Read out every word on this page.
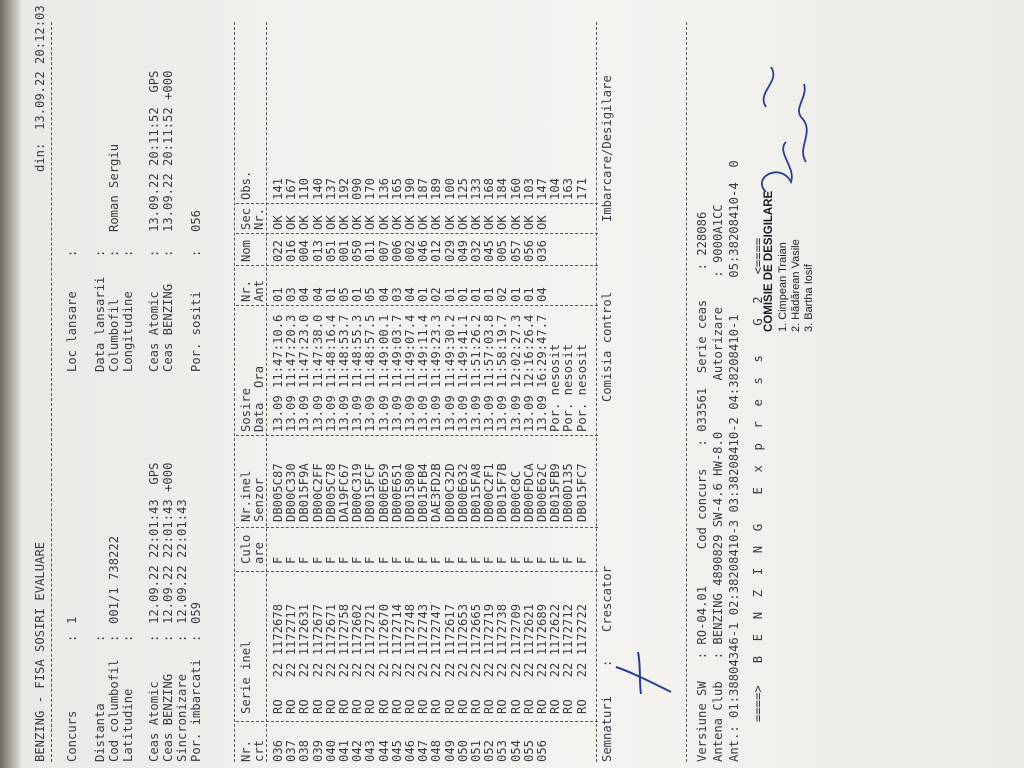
BENZING - FISA SOSIRI EVALUARE
din
:
13.09.22 20:12:03
Concurs
:
1
Distanta
:
Cod columbofil
:
001/1 738222
Latitudine
:
Ceas Atomic
:
12.09.22 22:01:43  GPS
Ceas BENZING
:
12.09.22 22:01:43 +000
Sincronizare
:
12.09.22 22:01:43
Por. imbarcati
:
059
Loc lansare
:
Data lansarii
:
Columbofil
:
Roman Sergiu
Longitudine
:
Ceas Atomic
:
13.09.22 20:11:52  GPS
Ceas BENZING
:
13.09.22 20:11:52 +000
Por. sositi
:
056
Nr. crt
Serie inel
Culo are
Nr.inel Senzor
Sosire Data  Ora
Nr. Ant
Nom
Sec Nr.
Obs.
036
RO   22 1172678
F
DB005C87
13.09 11:47:10.6
01
022
OK
141
037
RO   22 1172717
F
DB00C330
13.09 11:47:20.3
03
016
OK
167
038
RO   22 1172631
F
DB015F9A
13.09 11:47:23.0
04
004
OK
110
039
RO   22 1172677
F
DB00C2FF
13.09 11:47:38.0
04
013
OK
140
040
RO   22 1172671
F
DB005C78
13.09 11:48:16.4
01
051
OK
137
041
RO   22 1172758
F
DA19FC67
13.09 11:48:53.7
05
001
OK
192
042
RO   22 1172602
F
DB00C319
13.09 11:48:55.3
01
050
OK
090
043
RO   22 1172721
F
DB015FCF
13.09 11:48:57.5
05
011
OK
170
044
RO   22 1172670
F
DB00E659
13.09 11:49:00.1
04
007
OK
136
045
RO   22 1172714
F
DB00E651
13.09 11:49:03.7
03
006
OK
165
046
RO   22 1172748
F
DB015800
13.09 11:49:07.4
04
002
OK
190
047
RO   22 1172743
F
DB015FB4
13.09 11:49:11.4
01
046
OK
187
048
RO   22 1172747
F
DAE3FD2B
13.09 11:49:23.3
02
012
OK
189
049
RO   22 1172617
F
DB00C32D
13.09 11:49:30.2
01
029
OK
100
050
RO   22 1172653
F
DB00E632
13.09 11:49:41.1
01
049
OK
125
051
RO   22 1172665
F
DB015FA8
13.09 11:51:26.2
01
032
OK
133
052
RO   22 1172719
F
DB00C2F1
13.09 11:57:03.8
01
045
OK
168
053
RO   22 1172738
F
DB015F7B
13.09 11:58:19.7
02
005
OK
184
054
RO   22 1172709
F
DB00C8C
13.09 12:02:27.3
01
057
OK
160
055
RO   22 1172621
F
DB00FDCA
13.09 12:16:26.4
01
056
OK
103
056
RO   22 1172689
F
DB00E62C
13.09 16:29:47.7
04
036
OK
147
RO   22 1172622
F
DB015FB9
Por. nesosit
104
RO   22 1172712
F
DB00D135
Por. nesosit
163
RO   22 1172722
F
DB015FC7
Por. nesosit
171
Semnaturi
:
Crescator
Comisia control
Imbarcare/Desigilare
Versiune SW   : RO-04.01     Cod concurs   : 033561  Serie ceas    : 228086 Antena Club   : BENZING 4890829 SW-4.6 HW-8.0       Autorizare    : 9000A1CC Ant.: 01:38804346-1 02:38208410-3 03:38208410-2 04:38208410-1     05:38208410-4  0 ====>   B  E  N  Z  I  N  G    E  x  p  r  e  s  s    G  2   <====
COMISIE DE DESIGILARE 1. Cimpean Traian 2. Hădărean Vasile 3. Bartha Iosif
